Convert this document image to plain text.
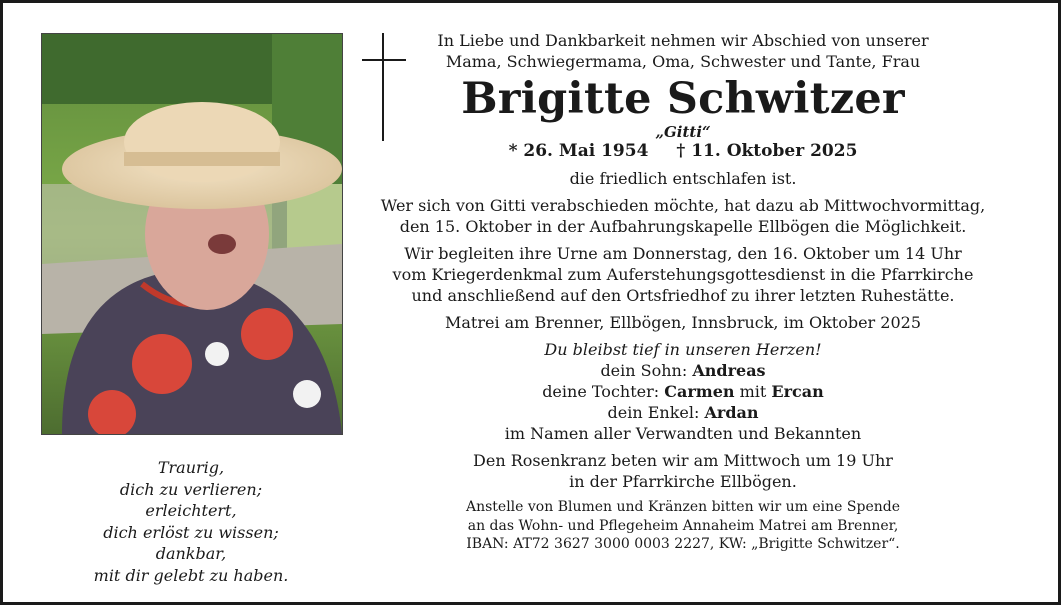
Traurig,
dich zu verlieren;
erleichtert,
dich erlöst zu wissen;
dankbar,
mit dir gelebt zu haben.
In Liebe und Dankbarkeit nehmen wir Abschied von unserer
Mama, Schwiegermama, Oma, Schwester und Tante, Frau
Brigitte Schwitzer
„Gitti“
* 26. Mai 1954 † 11. Oktober 2025
die friedlich entschlafen ist.
Wer sich von Gitti verabschieden möchte, hat dazu ab Mittwochvormittag,
den 15. Oktober in der Aufbahrungskapelle Ellbögen die Möglichkeit.
Wir begleiten ihre Urne am Donnerstag, den 16. Oktober um 14 Uhr
vom Kriegerdenkmal zum Auferstehungsgottesdienst in die Pfarrkirche
und anschließend auf den Ortsfriedhof zu ihrer letzten Ruhestätte.
Matrei am Brenner, Ellbögen, Innsbruck, im Oktober 2025
Du bleibst tief in unseren Herzen!
dein Sohn: Andreas
deine Tochter: Carmen mit Ercan
dein Enkel: Ardan
im Namen aller Verwandten und Bekannten
Den Rosenkranz beten wir am Mittwoch um 19 Uhr
in der Pfarrkirche Ellbögen.
Anstelle von Blumen und Kränzen bitten wir um eine Spende
an das Wohn- und Pflegeheim Annaheim Matrei am Brenner,
IBAN: AT72 3627 3000 0003 2227, KW: „Brigitte Schwitzer“.
